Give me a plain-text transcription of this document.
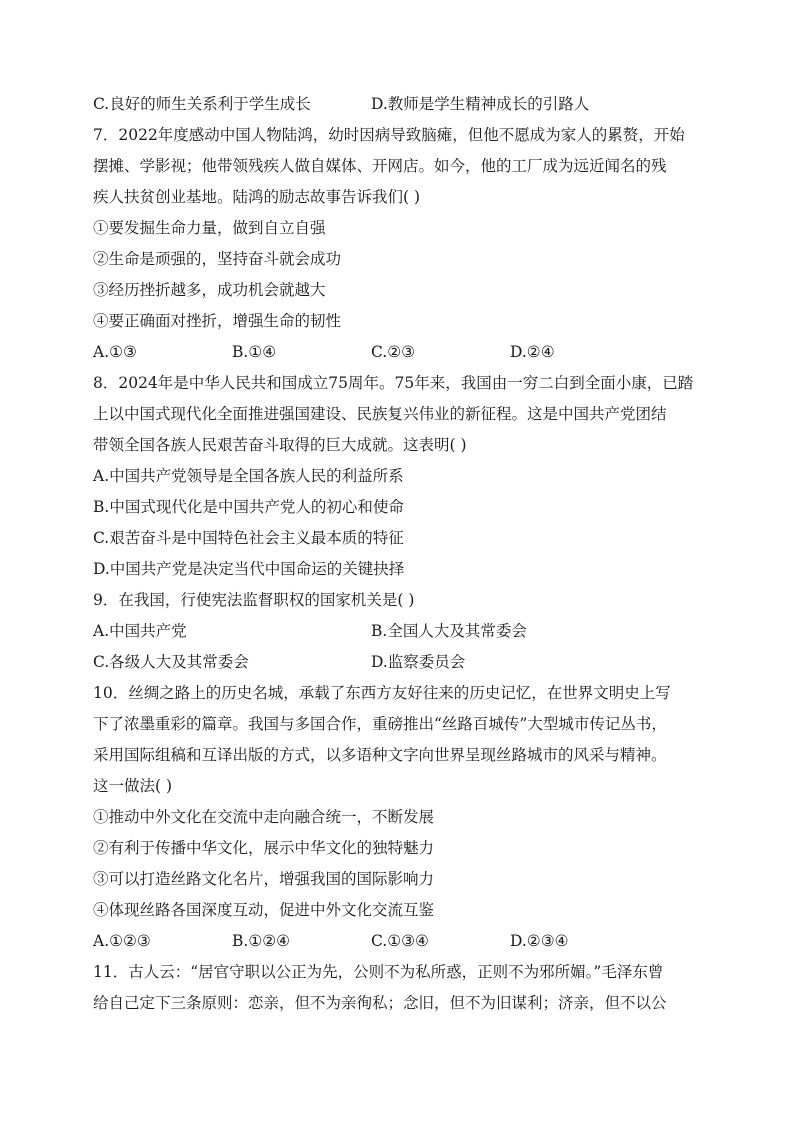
C.良好的师生关系利于学生成长	D.教师是学生精神成长的引路人
7．2022年度感动中国人物陆鸿，幼时因病导致脑瘫，但他不愿成为家人的累赘，开始
摆摊、学影视；他带领残疾人做自媒体、开网店。如今，他的工厂成为远近闻名的残
疾人扶贫创业基地。陆鸿的励志故事告诉我们( )
①要发掘生命力量，做到自立自强
②生命是顽强的，坚持奋斗就会成功
③经历挫折越多，成功机会就越大
④要正确面对挫折，增强生命的韧性
A.①③	B.①④	C.②③	D.②④
8．2024年是中华人民共和国成立75周年。75年来，我国由一穷二白到全面小康，已踏
上以中国式现代化全面推进强国建设、民族复兴伟业的新征程。这是中国共产党团结
带领全国各族人民艰苦奋斗取得的巨大成就。这表明( )
A.中国共产党领导是全国各族人民的利益所系
B.中国式现代化是中国共产党人的初心和使命
C.艰苦奋斗是中国特色社会主义最本质的特征
D.中国共产党是决定当代中国命运的关键抉择
9．在我国，行使宪法监督职权的国家机关是( )
A.中国共产党	B.全国人大及其常委会
C.各级人大及其常委会	D.监察委员会
10．丝绸之路上的历史名城，承载了东西方友好往来的历史记忆，在世界文明史上写
下了浓墨重彩的篇章。我国与多国合作，重磅推出“丝路百城传”大型城市传记丛书，
采用国际组稿和互译出版的方式，以多语种文字向世界呈现丝路城市的风采与精神。
这一做法( )
①推动中外文化在交流中走向融合统一，不断发展
②有利于传播中华文化，展示中华文化的独特魅力
③可以打造丝路文化名片，增强我国的国际影响力
④体现丝路各国深度互动，促进中外文化交流互鉴
A.①②③	B.①②④	C.①③④	D.②③④
11．古人云：“居官守职以公正为先，公则不为私所惑，正则不为邪所媚。”毛泽东曾
给自己定下三条原则：恋亲，但不为亲徇私；念旧，但不为旧谋利；济亲，但不以公
